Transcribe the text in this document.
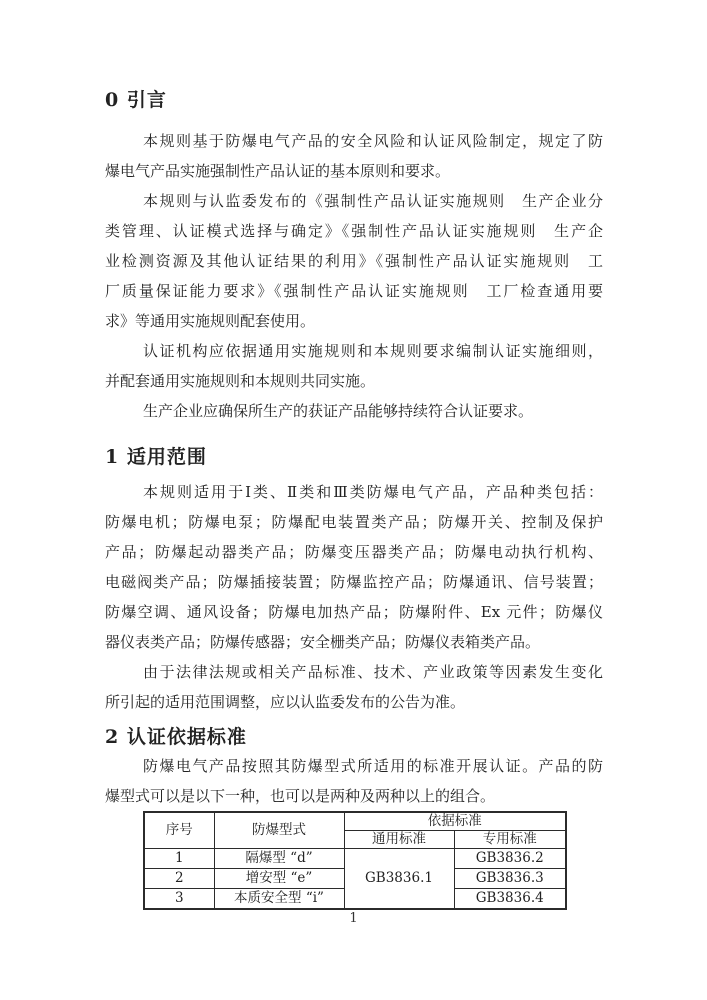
0 引言
本规则基于防爆电气产品的安全风险和认证风险制定，规定了防
爆电气产品实施强制性产品认证的基本原则和要求。
本规则与认监委发布的《强制性产品认证实施规则　生产企业分
类管理、认证模式选择与确定》《强制性产品认证实施规则　生产企
业检测资源及其他认证结果的利用》《强制性产品认证实施规则　工
厂质量保证能力要求》《强制性产品认证实施规则　工厂检查通用要
求》等通用实施规则配套使用。
认证机构应依据通用实施规则和本规则要求编制认证实施细则，
并配套通用实施规则和本规则共同实施。
生产企业应确保所生产的获证产品能够持续符合认证要求。
1 适用范围
本规则适用于Ⅰ类、Ⅱ类和Ⅲ类防爆电气产品，产品种类包括：
防爆电机；防爆电泵；防爆配电装置类产品；防爆开关、控制及保护
产品；防爆起动器类产品；防爆变压器类产品；防爆电动执行机构、
电磁阀类产品；防爆插接装置；防爆监控产品；防爆通讯、信号装置；
防爆空调、通风设备；防爆电加热产品；防爆附件、Ex 元件；防爆仪
器仪表类产品；防爆传感器；安全栅类产品；防爆仪表箱类产品。
由于法律法规或相关产品标准、技术、产业政策等因素发生变化
所引起的适用范围调整，应以认监委发布的公告为准。
2 认证依据标准
防爆电气产品按照其防爆型式所适用的标准开展认证。产品的防
爆型式可以是以下一种，也可以是两种及两种以上的组合。
序号	防爆型式	依据标准	
		通用标准	专用标准
1	隔爆型 “d”	GB3836.1	GB3836.2
2	增安型 “e”		GB3836.3
3	本质安全型 “i”		GB3836.4
1
